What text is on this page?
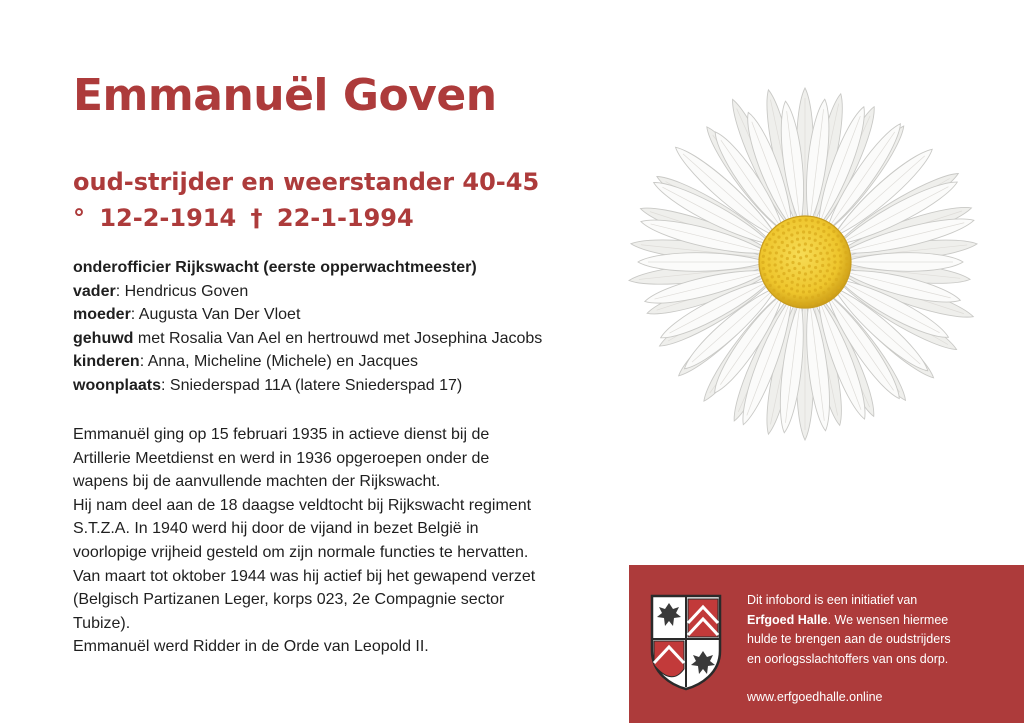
Emmanuël Goven
oud-strijder en weerstander 40-45
° 12-2-1914 † 22-1-1994
onderofficier Rijkswacht (eerste opperwachtmeester)
vader: Hendricus Goven
moeder: Augusta Van Der Vloet
gehuwd met Rosalia Van Ael en hertrouwd met Josephina Jacobs
kinderen: Anna, Micheline (Michele) en Jacques
woonplaats: Sniederspad 11A (latere Sniederspad 17)

Emmanuël ging op 15 februari 1935 in actieve dienst bij de

Artillerie Meetdienst en werd in 1936 opgeroepen onder de

wapens bij de aanvullende machten der Rijkswacht.

Hij nam deel aan de 18 daagse veldtocht bij Rijkswacht regiment

S.T.Z.A. In 1940 werd hij door de vijand in bezet België in

voorlopige vrijheid gesteld om zijn normale functies te hervatten.

Van maart tot oktober 1944 was hij actief bij het gewapend verzet

(Belgisch Partizanen Leger, korps 023, 2e Compagnie sector

Tubize).

Emmanuël werd Ridder in de Orde van Leopold II.

Dit infobord is een initiatief van

Erfgoed Halle. We wensen hiermee

hulde te brengen aan de oudstrijders

en oorlogsslachtoffers van ons dorp.

www.erfgoedhalle.online
